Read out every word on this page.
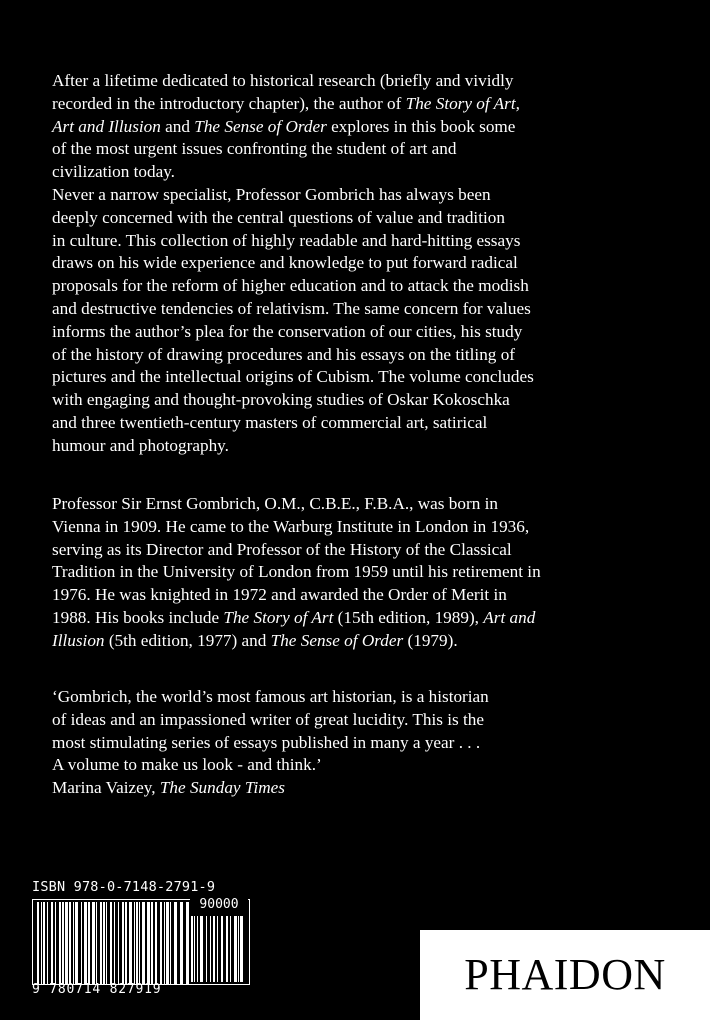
After a lifetime dedicated to historical research (briefly and vividly
recorded in the introductory chapter), the author of The Story of Art,
Art and Illusion and The Sense of Order explores in this book some
of the most urgent issues confronting the student of art and
civilization today.
Never a narrow specialist, Professor Gombrich has always been
deeply concerned with the central questions of value and tradition
in culture. This collection of highly readable and hard-hitting essays
draws on his wide experience and knowledge to put forward radical
proposals for the reform of higher education and to attack the modish
and destructive tendencies of relativism. The same concern for values
informs the author’s plea for the conservation of our cities, his study
of the history of drawing procedures and his essays on the titling of
pictures and the intellectual origins of Cubism. The volume concludes
with engaging and thought-provoking studies of Oskar Kokoschka
and three twentieth-century masters of commercial art, satirical
humour and photography.
Professor Sir Ernst Gombrich, O.M., C.B.E., F.B.A., was born in
Vienna in 1909. He came to the Warburg Institute in London in 1936,
serving as its Director and Professor of the History of the Classical
Tradition in the University of London from 1959 until his retirement in
1976. He was knighted in 1972 and awarded the Order of Merit in
1988. His books include The Story of Art (15th edition, 1989), Art and
Illusion (5th edition, 1977) and The Sense of Order (1979).
‘Gombrich, the world’s most famous art historian, is a historian
of ideas and an impassioned writer of great lucidity. This is the
most stimulating series of essays published in many a year . . .
A volume to make us look - and think.’
Marina Vaizey, The Sunday Times
ISBN 978-0-7148-2791-9
90000
9 780714 827919	PHAIDON
